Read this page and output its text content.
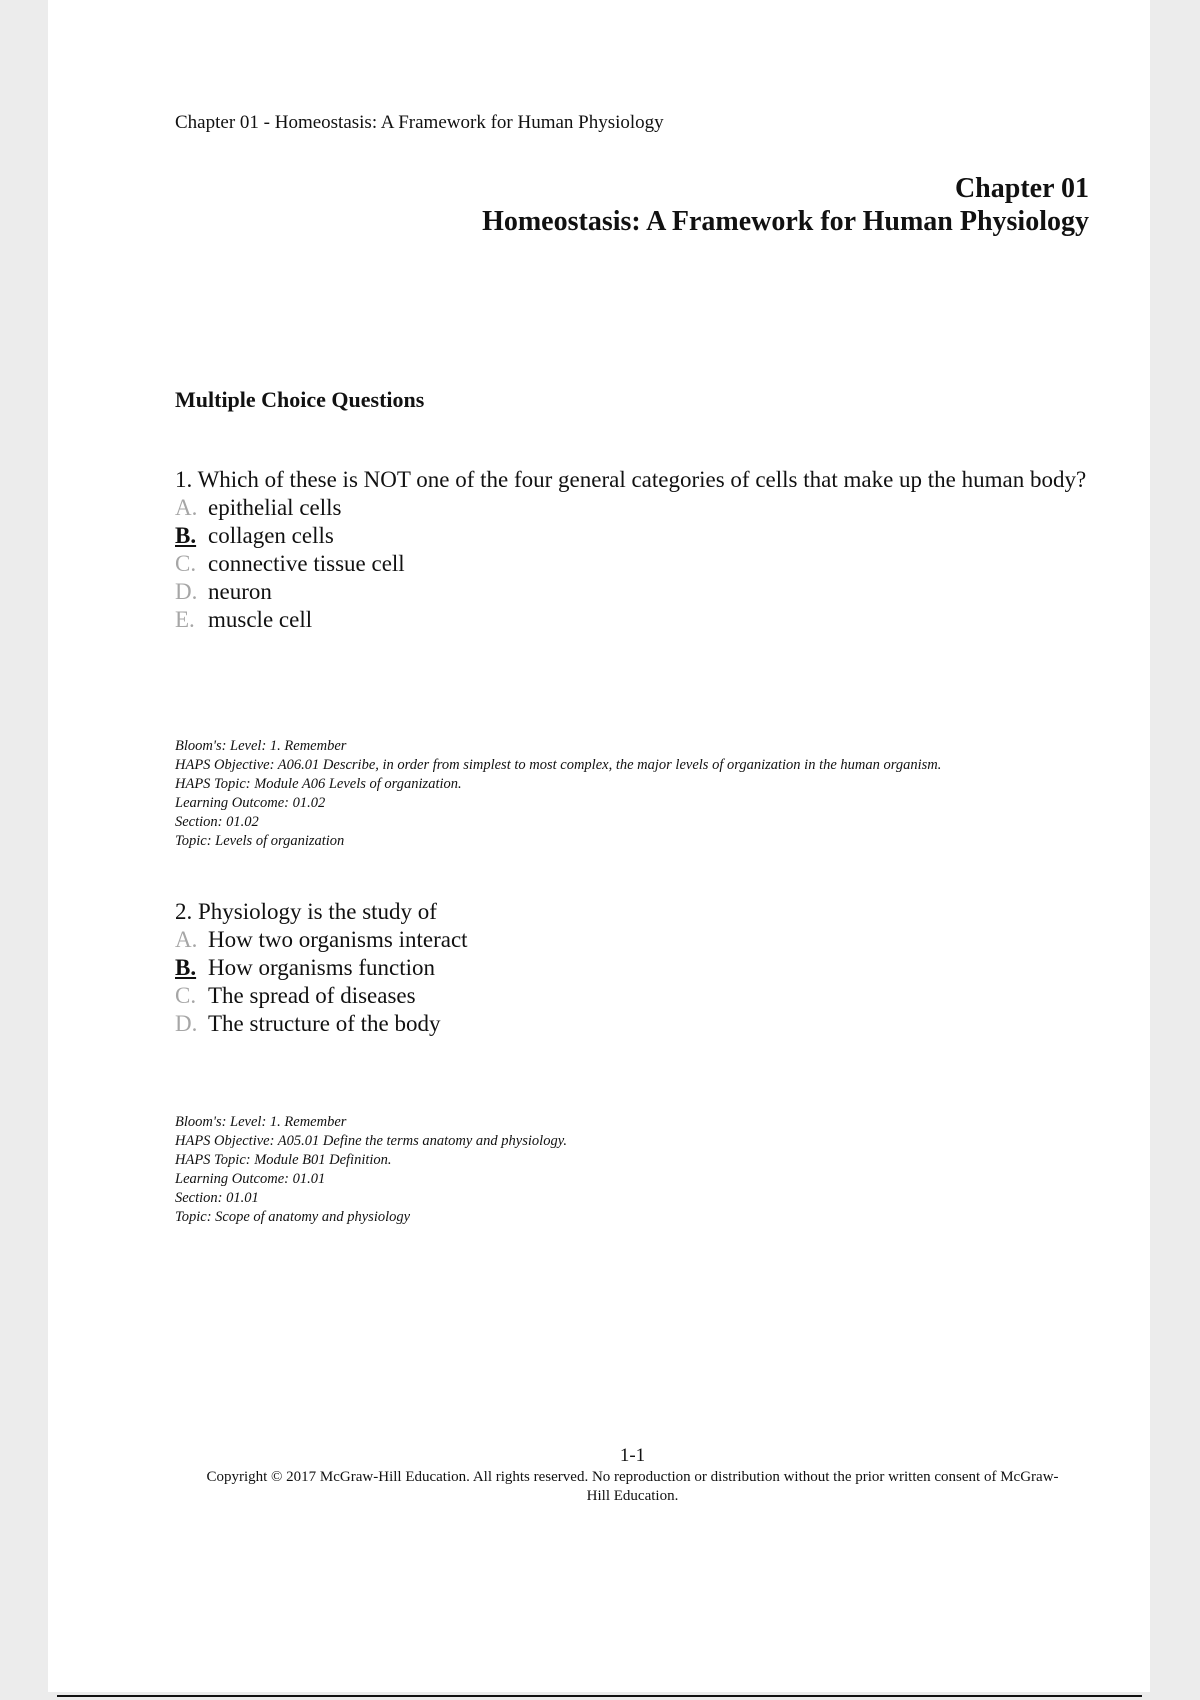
Chapter 01 - Homeostasis: A Framework for Human Physiology
Chapter 01
Homeostasis: A Framework for Human Physiology
Multiple Choice Questions

1. Which of these is NOT one of the four general categories of cells that make up the human body?

A. epithelial cells
B. collagen cells
C. connective tissue cell
D. neuron
E. muscle cell
Bloom's: Level: 1. Remember
HAPS Objective: A06.01 Describe, in order from simplest to most complex, the major levels of organization in the human organism.
HAPS Topic: Module A06 Levels of organization.
Learning Outcome: 01.02
Section: 01.02
Topic: Levels of organization

2. Physiology is the study of

A. How two organisms interact
B. How organisms function
C. The spread of diseases
D. The structure of the body
Bloom's: Level: 1. Remember
HAPS Objective: A05.01 Define the terms anatomy and physiology.
HAPS Topic: Module B01 Definition.
Learning Outcome: 01.01
Section: 01.01
Topic: Scope of anatomy and physiology
1-1
Copyright © 2017 McGraw-Hill Education. All rights reserved. No reproduction or distribution without the prior written consent of McGraw-Hill Education.
